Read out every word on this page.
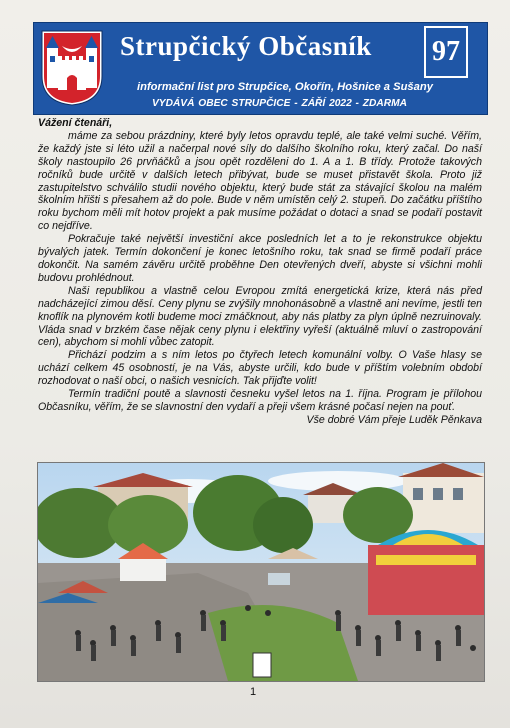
Strupčický Občasník 97
informační list pro Strupčice, Okořín, Hošnice a Sušany
VYDÁVÁ OBEC STRUPČICE - ZÁŘÍ 2022 - ZDARMA
Vážení čtenáři,

máme za sebou prázdniny, které byly letos opravdu teplé, ale také velmi suché. Věřím, že každý jste si léto užil a načerpal nové síly do dalšího školního roku, který začal. Do naší školy nastoupilo 26 prvňáčků a jsou opět rozděleni do 1. A a 1. B třídy. Protože takových ročníků bude určitě v dalších letech přibývat, bude se muset přistavět škola. Proto již zastupitelstvo schválilo studii nového objektu, který bude stát za stávající školou na malém školním hřišti s přesahem až do pole. Bude v něm umístěn celý 2. stupeň. Do začátku příštího roku bychom měli mít hotov projekt a pak musíme požádat o dotaci a snad se podaří postavit co nejdříve.

Pokračuje také největší investiční akce posledních let a to je rekonstrukce objektu bývalých jatek. Termín dokončení je konec letošního roku, tak snad se firmě podaří práce dokončit. Na samém závěru určitě proběhne Den otevřených dveří, abyste si všichni mohli budovu prohlédnout.

Naši republikou a vlastně celou Evropou zmítá energetická krize, která nás před nadcházející zimou děsí. Ceny plynu se zvýšily mnohonásobně a vlastně ani nevíme, jestli ten knoflík na plynovém kotli budeme moci zmáčknout, aby nás platby za plyn úplně nezruinovaly. Vláda snad v brzkém čase nějak ceny plynu i elektřiny vyřeší (aktuálně mluví o zastropování cen), abychom si mohli vůbec zatopit.

Přichází podzim a s ním letos po čtyřech letech komunální volby. O Vaše hlasy se uchází celkem 45 osobností, je na Vás, abyste určili, kdo bude v příštím volebním období rozhodovat o naší obci, o našich vesnicích. Tak přijďte volit!

Termín tradiční poutě a slavnosti česneku vyšel letos na 1. října. Program je přílohou Občasníku, věřím, že se slavnostní den vydaří a přeji všem krásné počasí nejen na pouť.

Vše dobré Vám přeje Luděk Pěnkava
1
